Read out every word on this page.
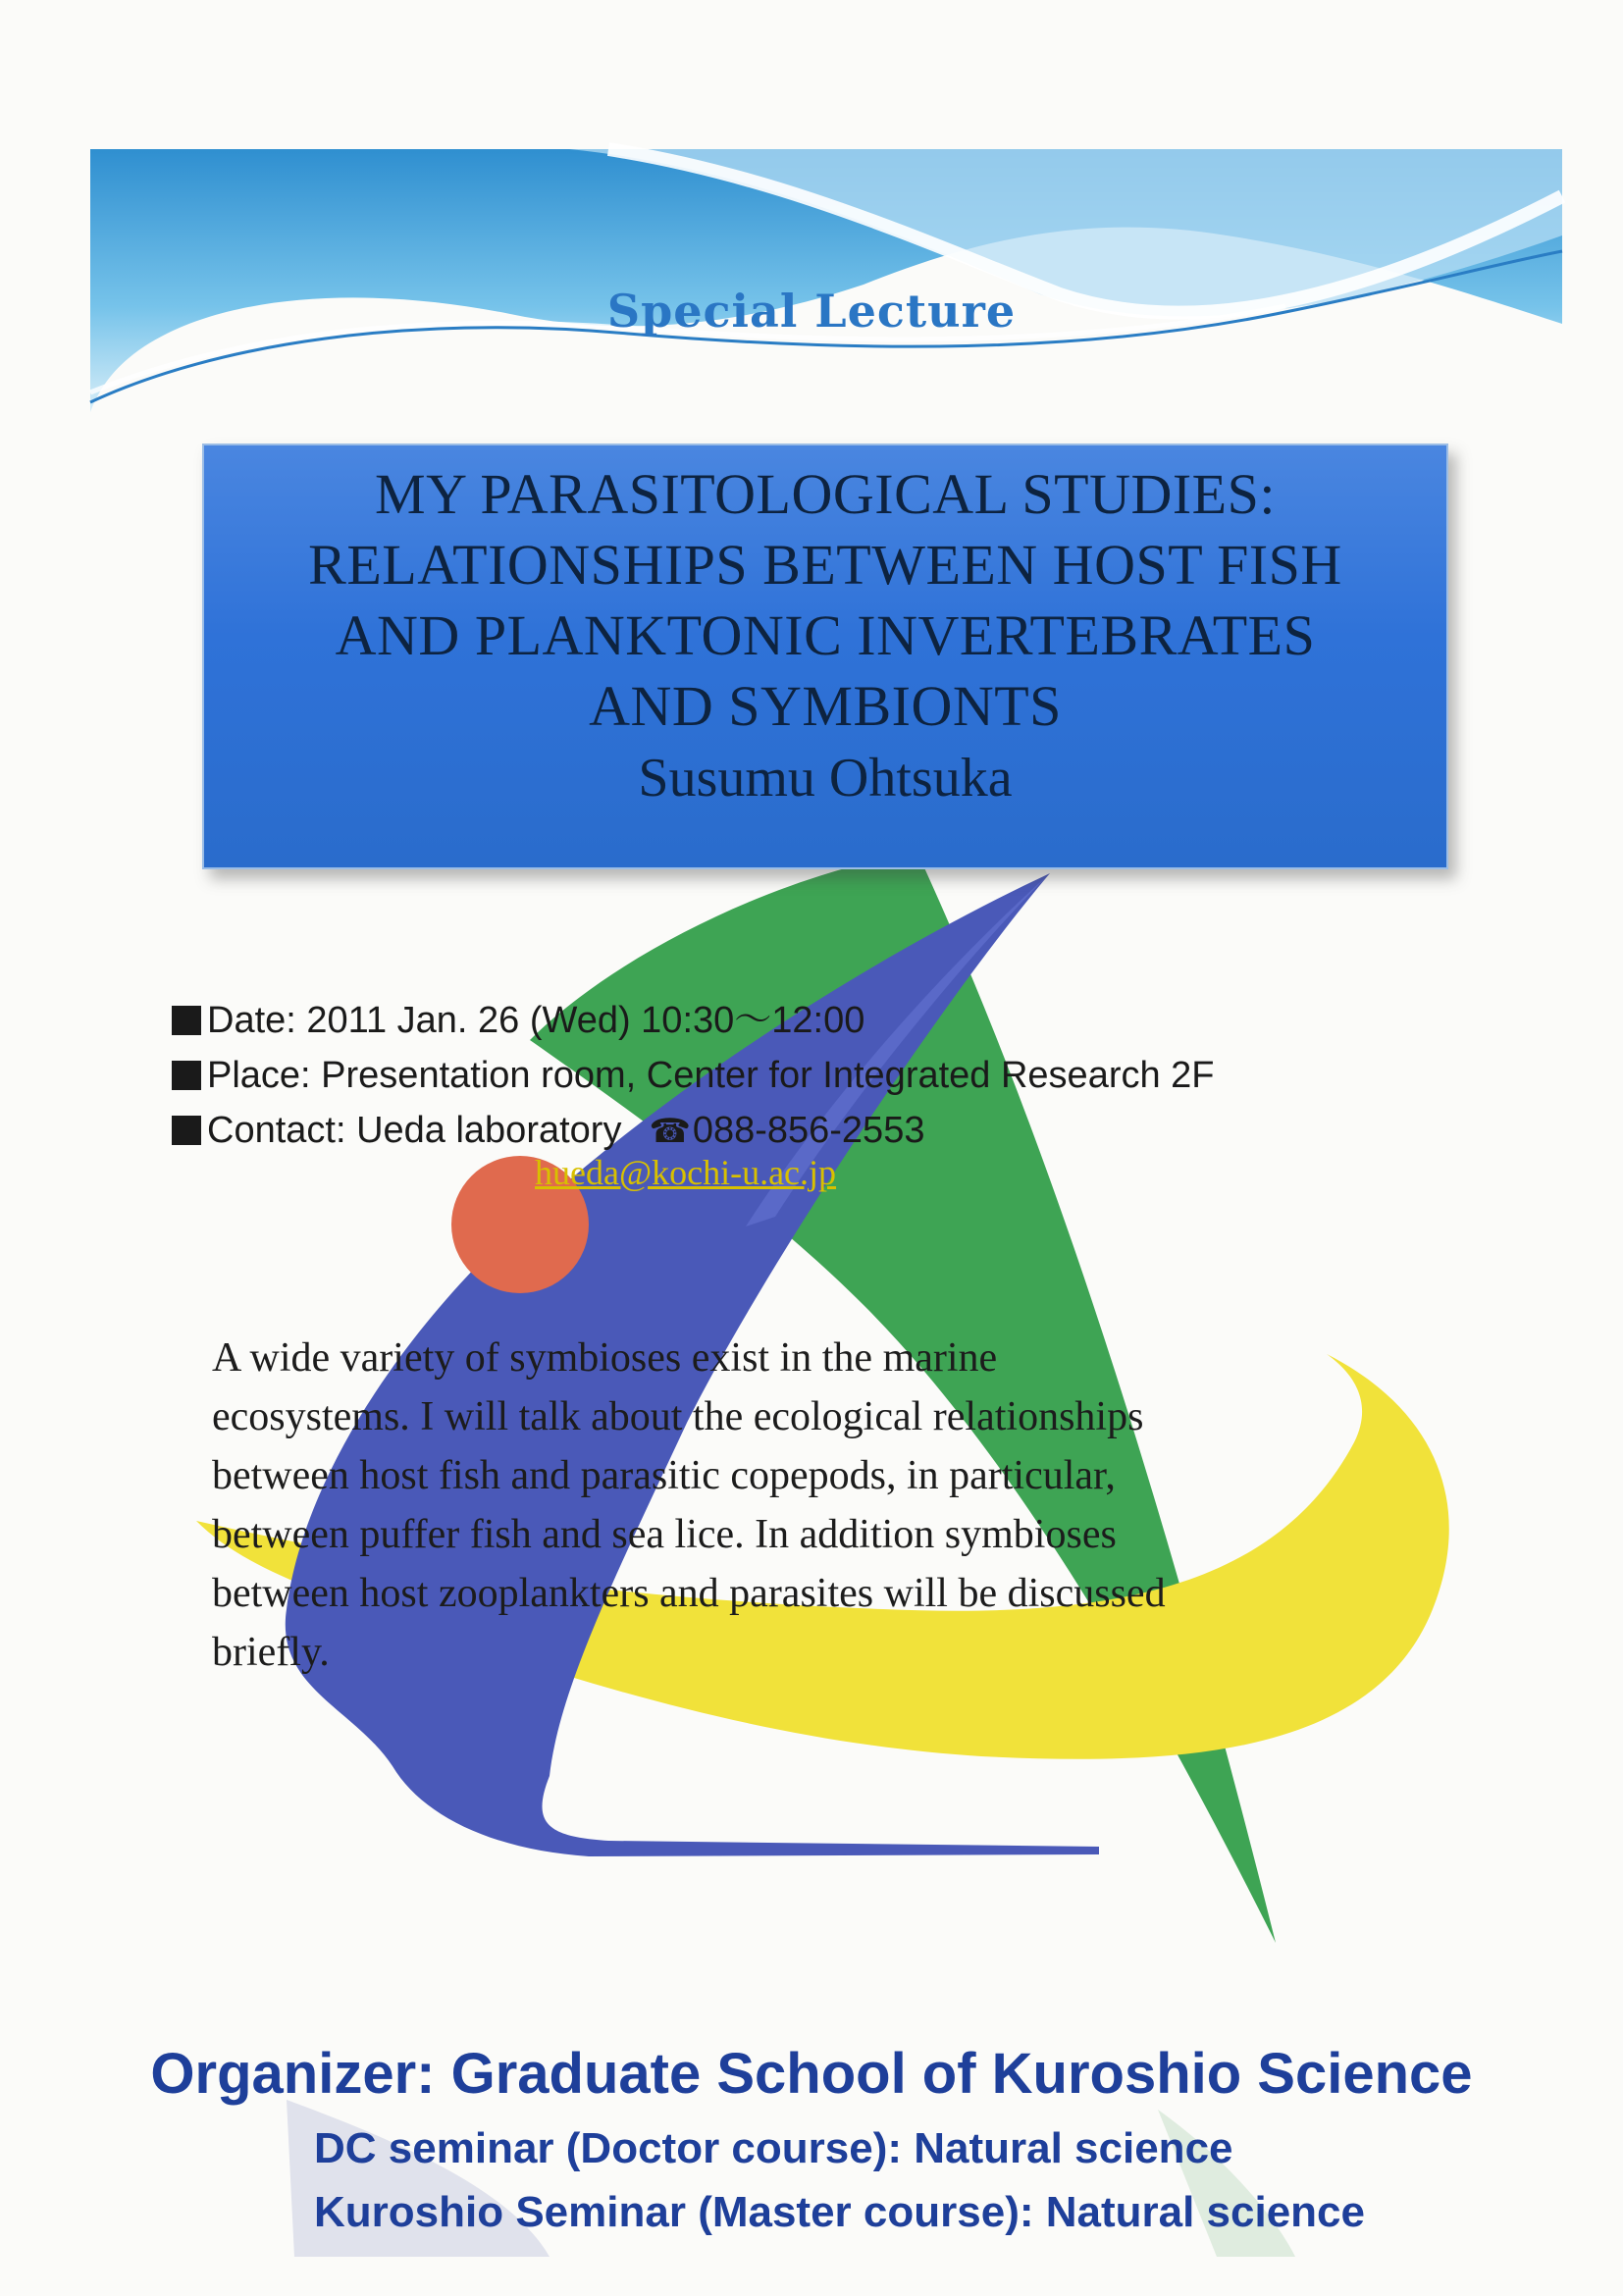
Special Lecture
MY PARASITOLOGICAL STUDIES:
RELATIONSHIPS BETWEEN HOST FISH
AND PLANKTONIC INVERTEBRATES
AND SYMBIONTS
Susumu Ohtsuka
Date: 2011 Jan. 26 (Wed) 10:30〜12:00
Place: Presentation room, Center for Integrated Research 2F
Contact: Ueda laboratory ☎088-856-2553
hueda@kochi-u.ac.jp
A wide variety of symbioses exist in the marine
ecosystems. I will talk about the ecological relationships
between host fish and parasitic copepods, in particular,
between puffer fish and sea lice. In addition symbioses
between host zooplankters and parasites will be discussed
briefly.
Organizer: Graduate School of Kuroshio Science
DC seminar (Doctor course): Natural science
Kuroshio Seminar (Master course): Natural science
